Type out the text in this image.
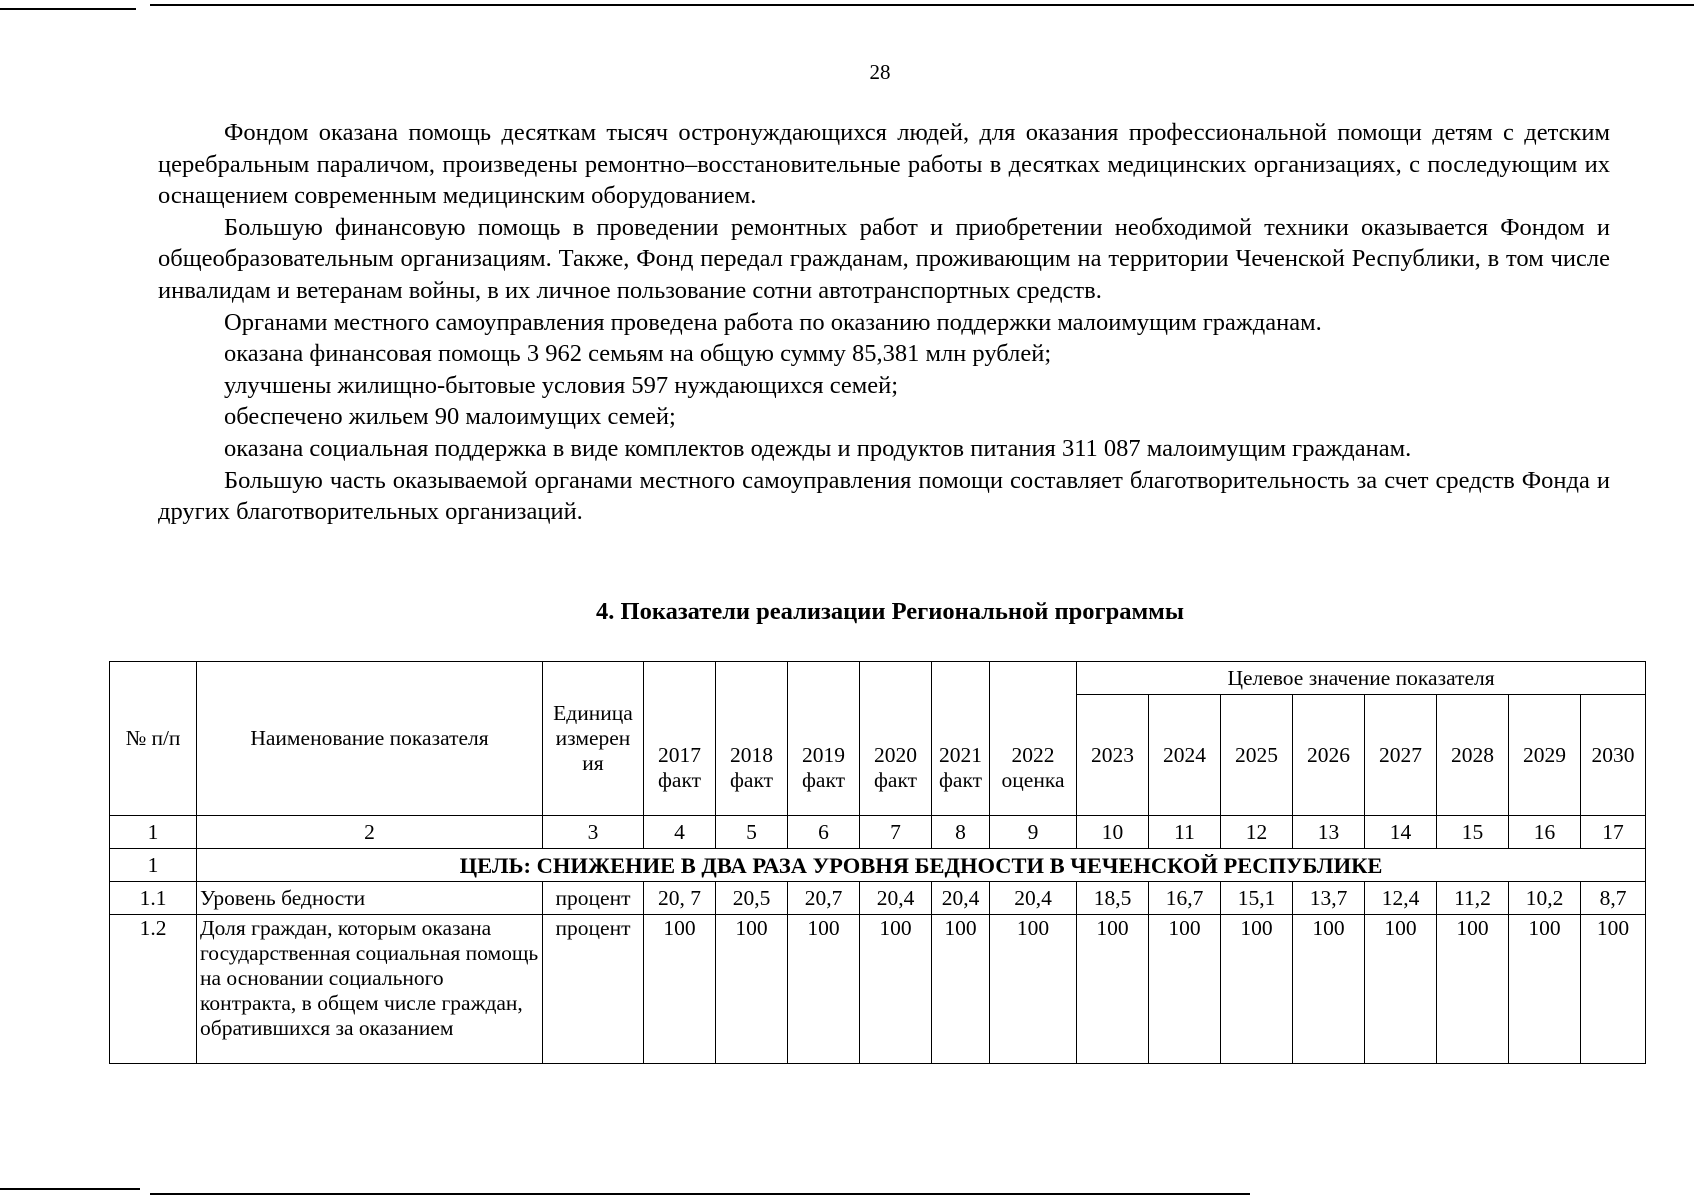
28

Фондом оказана помощь десяткам тысяч остронуждающихся людей, для оказания профессиональной помощи детям с детским церебральным параличом, произведены ремонтно–восстановительные работы в десятках медицинских организациях, с последующим их оснащением современным медицинским оборудованием.

Большую финансовую помощь в проведении ремонтных работ и приобретении необходимой техники оказывается Фондом и общеобразовательным организациям. Также, Фонд передал гражданам, проживающим на территории Чеченской Республики, в том числе инвалидам и ветеранам войны, в их личное пользование сотни автотранспортных средств.

Органами местного самоуправления проведена работа по оказанию поддержки малоимущим гражданам.

оказана финансовая помощь 3 962 семьям на общую сумму 85,381 млн рублей;

улучшены жилищно-бытовые условия 597 нуждающихся семей;

обеспечено жильем 90 малоимущих семей;

оказана социальная поддержка в виде комплектов одежды и продуктов питания 311 087 малоимущим гражданам.

Большую часть оказываемой органами местного самоуправления помощи составляет благотворительность за счет средств Фонда и других благотворительных организаций.

4. Показатели реализации Региональной программы
№ п/п	Наименование показателя	Единица измерен ия	2017 факт	2018 факт	2019 факт	2020 факт	2021 факт	2022 оценка	Целевое значение показателя							
									2023	2024	2025	2026	2027	2028	2029	2030
1	2	3	4	5	6	7	8	9	10	11	12	13	14	15	16	17
1	ЦЕЛЬ: СНИЖЕНИЕ В ДВА РАЗА УРОВНЯ БЕДНОСТИ В ЧЕЧЕНСКОЙ РЕСПУБЛИКЕ															
1.1	Уровень бедности	процент	20, 7	20,5	20,7	20,4	20,4	20,4	18,5	16,7	15,1	13,7	12,4	11,2	10,2	8,7
1.2	Доля граждан, которым оказана государственная социальная помощь на основании социального контракта, в общем числе граждан, обратившихся за оказанием	процент	100	100	100	100	100	100	100	100	100	100	100	100	100	100
